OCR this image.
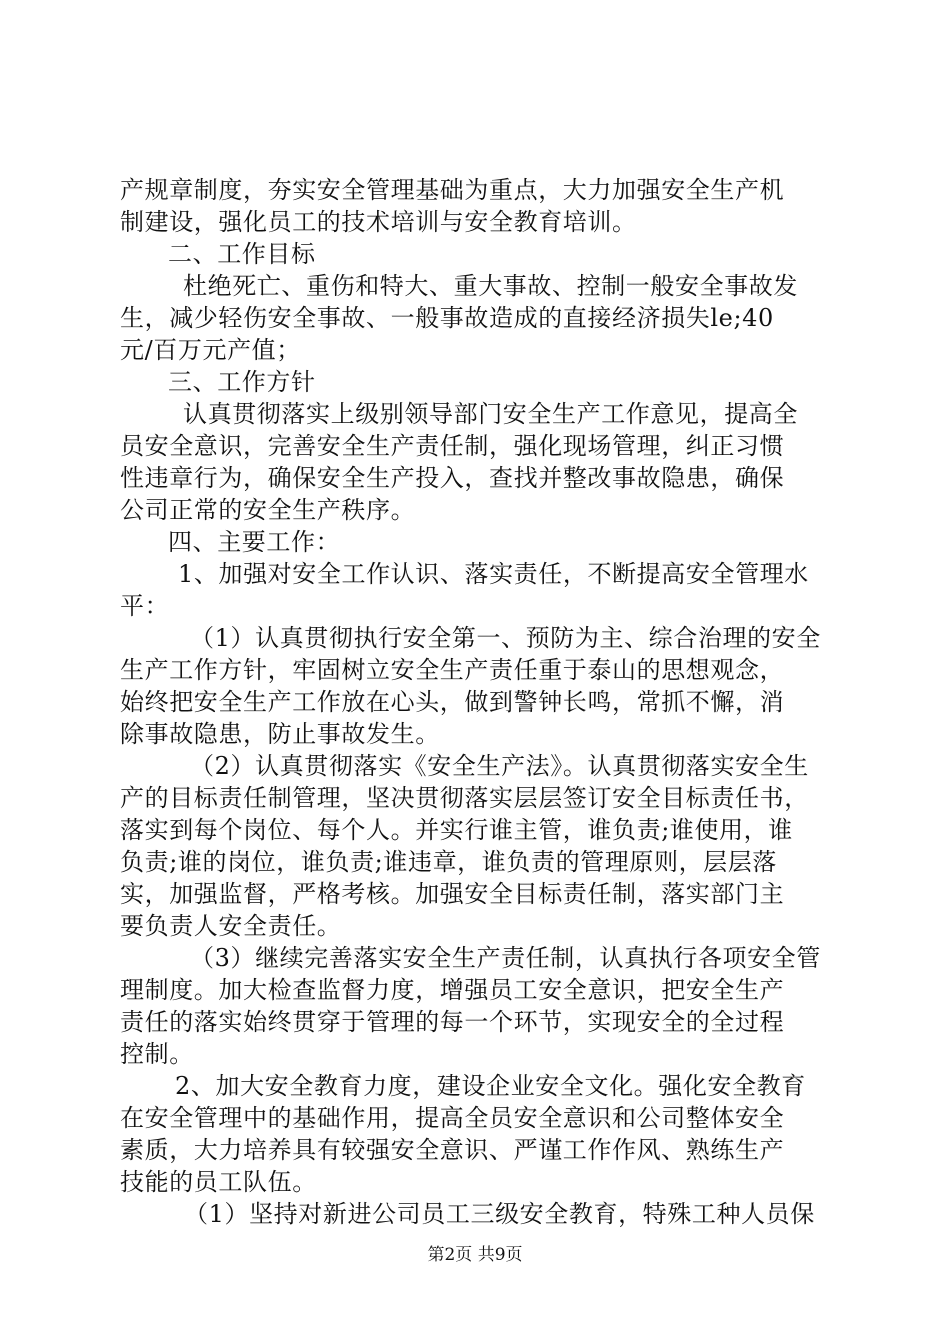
产规章制度，夯实安全管理基础为重点，大力加强安全生产机
制建设，强化员工的技术培训与安全教育培训。
二、工作目标
杜绝死亡、重伤和特大、重大事故、控制一般安全事故发
生，减少轻伤安全事故、一般事故造成的直接经济损失le;40
元/百万元产值；
三、工作方针
认真贯彻落实上级别领导部门安全生产工作意见，提高全
员安全意识，完善安全生产责任制，强化现场管理，纠正习惯
性违章行为，确保安全生产投入，查找并整改事故隐患，确保
公司正常的安全生产秩序。
四、主要工作：
1、加强对安全工作认识、落实责任，不断提高安全管理水
平：
（1）认真贯彻执行安全第一、预防为主、综合治理的安全
生产工作方针，牢固树立安全生产责任重于泰山的思想观念，
始终把安全生产工作放在心头，做到警钟长鸣，常抓不懈，消
除事故隐患，防止事故发生。
（2）认真贯彻落实《安全生产法》。认真贯彻落实安全生
产的目标责任制管理，坚决贯彻落实层层签订安全目标责任书，
落实到每个岗位、每个人。并实行谁主管，谁负责;谁使用，谁
负责;谁的岗位，谁负责;谁违章，谁负责的管理原则，层层落
实，加强监督，严格考核。加强安全目标责任制，落实部门主
要负责人安全责任。
（3）继续完善落实安全生产责任制，认真执行各项安全管
理制度。加大检查监督力度，增强员工安全意识，把安全生产
责任的落实始终贯穿于管理的每一个环节，实现安全的全过程
控制。
2、加大安全教育力度，建设企业安全文化。强化安全教育
在安全管理中的基础作用，提高全员安全意识和公司整体安全
素质，大力培养具有较强安全意识、严谨工作作风、熟练生产
技能的员工队伍。
（1）坚持对新进公司员工三级安全教育，特殊工种人员保
第2页 共9页
